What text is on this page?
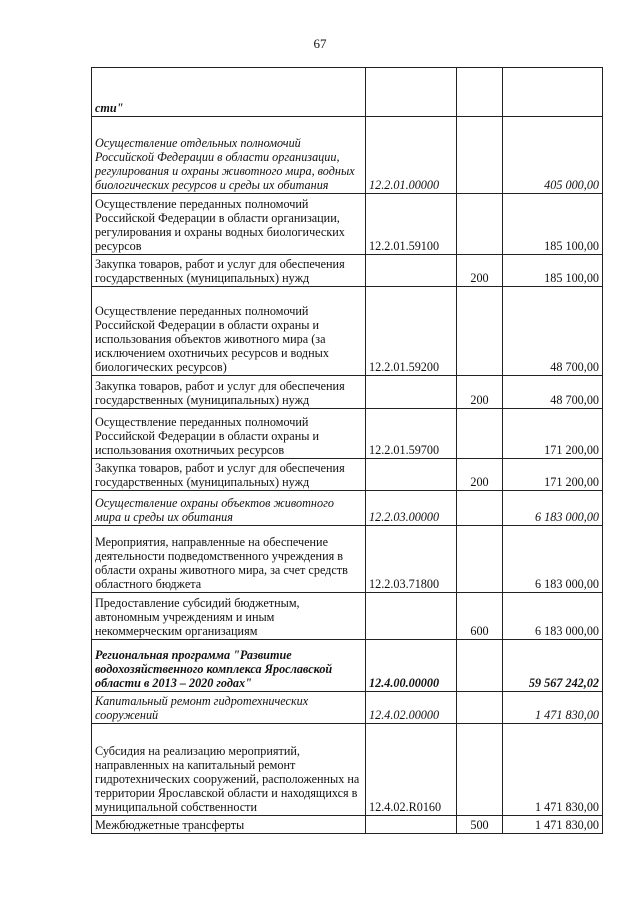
67
сти"			
Осуществление отдельных полномочий Российской Федерации в области организации, регулирования и охраны животного мира, водных биологических ресурсов и среды их обитания	12.2.01.00000		405 000,00
Осуществление переданных полномочий Российской Федерации в области организации, регулирования и охраны водных биологических ресурсов	12.2.01.59100		185 100,00
Закупка товаров, работ и услуг для обеспечения государственных (муниципальных) нужд		200	185 100,00
Осуществление переданных полномочий Российской Федерации в области охраны и использования объектов животного мира (за исключением охотничьих ресурсов и водных биологических ресурсов)	12.2.01.59200		48 700,00
Закупка товаров, работ и услуг для обеспечения государственных (муниципальных) нужд		200	48 700,00
Осуществление переданных полномочий Российской Федерации в области охраны и использования охотничьих ресурсов	12.2.01.59700		171 200,00
Закупка товаров, работ и услуг для обеспечения государственных (муниципальных) нужд		200	171 200,00
Осуществление охраны объектов животного мира и среды их обитания	12.2.03.00000		6 183 000,00
Мероприятия, направленные на обеспечение деятельности подведомственного учреждения в области охраны животного мира, за счет средств областного бюджета	12.2.03.71800		6 183 000,00
Предоставление субсидий бюджетным, автономным учреждениям и иным некоммерческим организациям		600	6 183 000,00
Региональная программа "Развитие водохозяйственного комплекса Ярославской области в 2013 – 2020 годах"	12.4.00.00000		59 567 242,02
Капитальный ремонт гидротехнических сооружений	12.4.02.00000		1 471 830,00
Субсидия на реализацию мероприятий, направленных на капитальный ремонт гидротехнических сооружений, расположенных на территории Ярославской области и находящихся в муниципальной собственности	12.4.02.R0160		1 471 830,00
Межбюджетные трансферты		500	1 471 830,00
